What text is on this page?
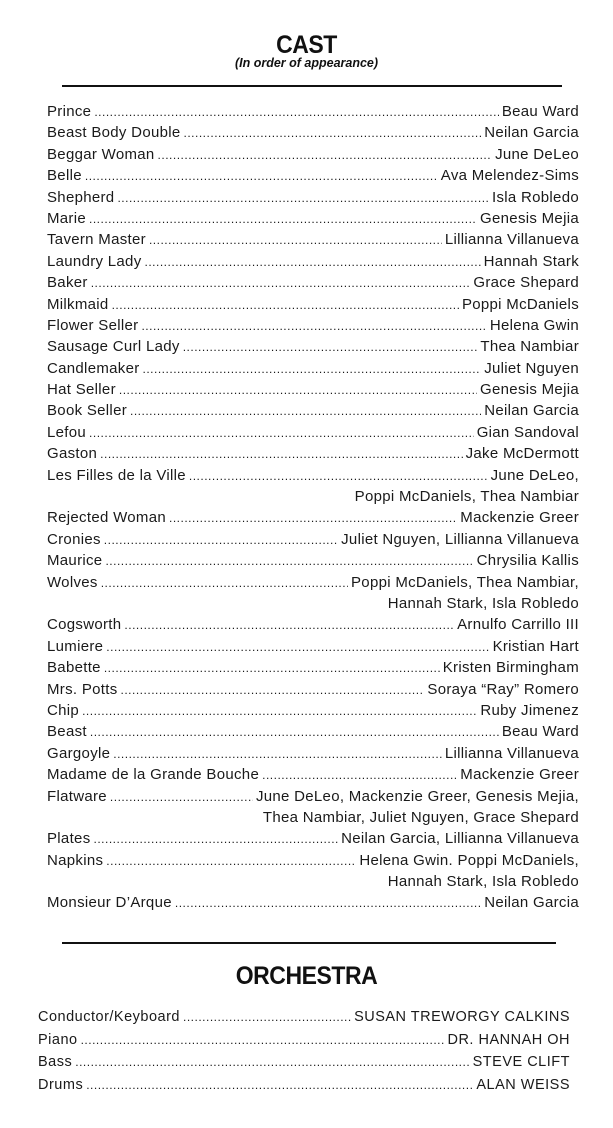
CAST
(In order of appearance)
Prince .....	Beau Ward
Beast Body Double .....	Neilan Garcia
Beggar Woman .....	June DeLeo
Belle .....	Ava Melendez-Sims
Shepherd .....	Isla Robledo
Marie .....	Genesis Mejia
Tavern Master .....	Lillianna Villanueva
Laundry Lady .....	Hannah Stark
Baker .....	Grace Shepard
Milkmaid .....	Poppi McDaniels
Flower Seller .....	Helena Gwin
Sausage Curl Lady .....	Thea Nambiar
Candlemaker .....	Juliet Nguyen
Hat Seller .....	Genesis Mejia
Book Seller .....	Neilan Garcia
Lefou .....	Gian Sandoval
Gaston .....	Jake McDermott
Les Filles de la Ville .....	June DeLeo,
Poppi McDaniels, Thea Nambiar
Rejected Woman .....	Mackenzie Greer
Cronies .....	Juliet Nguyen, Lillianna Villanueva
Maurice .....	Chrysilia Kallis
Wolves .....	Poppi McDaniels, Thea Nambiar,
Hannah Stark, Isla Robledo
Cogsworth .....	Arnulfo Carrillo III
Lumiere .....	Kristian Hart
Babette .....	Kristen Birmingham
Mrs. Potts .....	Soraya “Ray” Romero
Chip .....	Ruby Jimenez
Beast .....	Beau Ward
Gargoyle .....	Lillianna Villanueva
Madame de la Grande Bouche .....	Mackenzie Greer
Flatware .....	June DeLeo, Mackenzie Greer, Genesis Mejia,
Thea Nambiar, Juliet Nguyen, Grace Shepard
Plates .....	Neilan Garcia, Lillianna Villanueva
Napkins .....	Helena Gwin. Poppi McDaniels,
Hannah Stark, Isla Robledo
Monsieur D’Arque .....	Neilan Garcia
ORCHESTRA
Conductor/Keyboard .....	SUSAN TREWORGY CALKINS
Piano .....	DR. HANNAH OH
Bass .....	STEVE CLIFT
Drums .....	ALAN WEISS
